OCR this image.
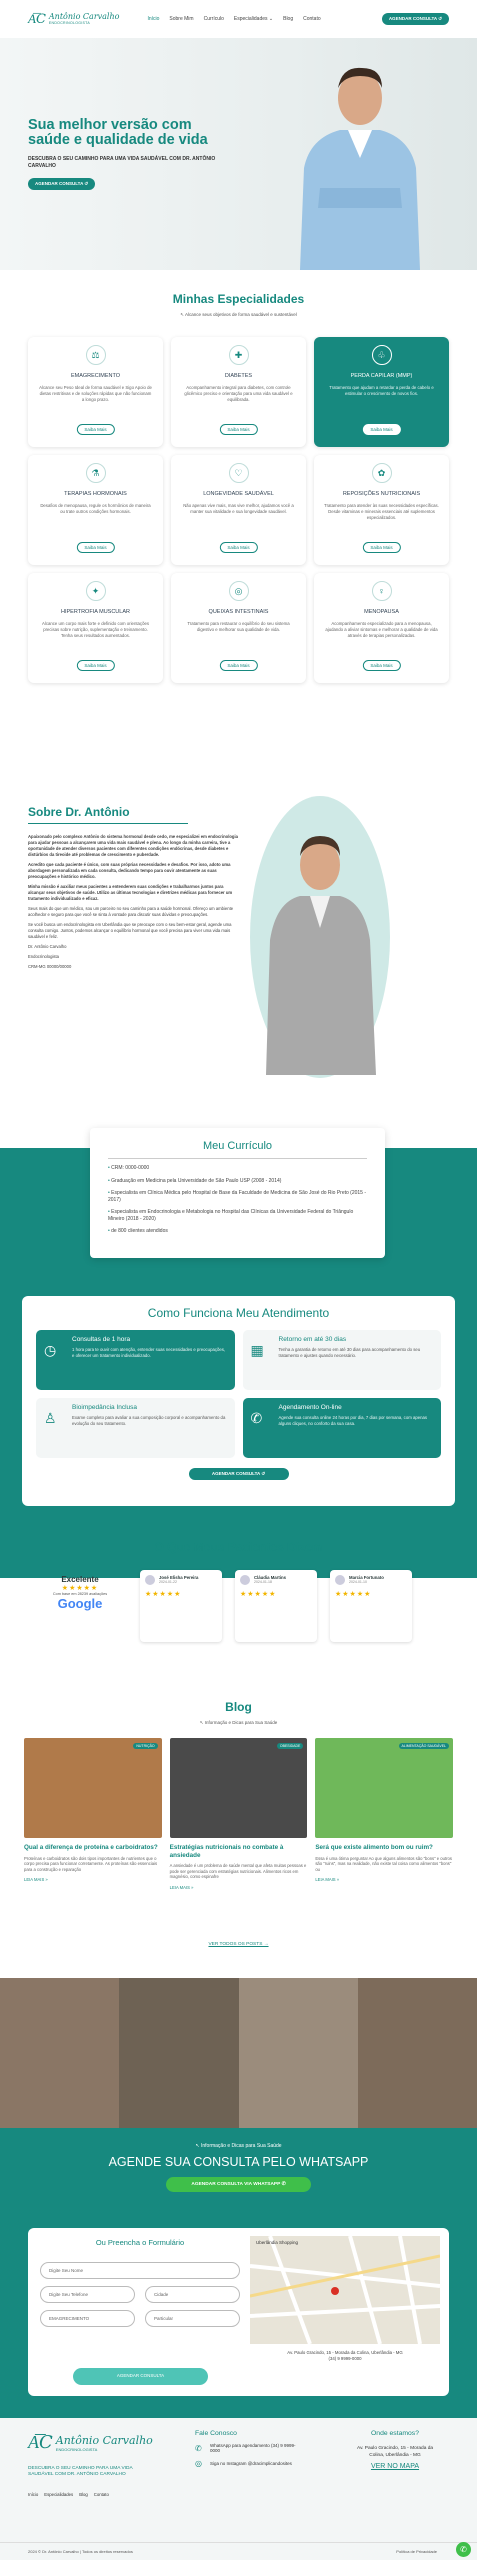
A͞C Antônio Carvalho
ENDOCRINOLOGISTA
Início Sobre Mim Currículo Especialidades ⌄ Blog Contato	AGENDAR CONSULTA ↺
Sua melhor versão com saúde e qualidade de vida
DESCUBRA O SEU CAMINHO PARA UMA VIDA SAUDÁVEL COM DR. ANTÔNIO CARVALHO
AGENDAR CONSULTA ↺
Minhas Especialidades
↖ Alcance seus objetivos de forma saudável e sustentável
⚖
EMAGRECIMENTO
Alcance seu Peso Ideal de forma saudável e Sigo Apoio de dietas restritivas e de soluções rápidas que não funcionam a longo prazo.
Saiba Mais
✚
DIABETES
Acompanhamento integral para diabetes, com controle glicêmico preciso e orientação para uma vida saudável e equilibrada.
Saiba Mais
♧
PERDA CAPILAR (MMP)
Tratamento que ajudam a retardar a perda de cabelo e estimular o crescimento de novos fios.
Saiba Mais
⚗
TERAPIAS HORMONAIS
Desafios de menopausa, regule os hormônios de maneira ou trate outros condições hormonais.
Saiba Mais
♡
LONGEVIDADE SAUDÁVEL
Não apenas vive mais, mas vive melhor, ajudamos você a manter sua vitalidade e sua longevidade saudável.
Saiba Mais
✿
REPOSIÇÕES NUTRICIONAIS
Tratamento para atender às suas necessidades específicas. Desde vitaminas e minerais essenciais até suplementos especializados.
Saiba Mais
✦
HIPERTROFIA MUSCULAR
Alcance um corpo mais forte e definido com orientações precisas sobre nutrição, suplementação e treinamento. Tenha seus resultados aumentados.
Saiba Mais
◎
QUEIXAS INTESTINAIS
Tratamento para restaurar o equilíbrio do seu sistema digestivo e melhorar sua qualidade de vida.
Saiba Mais
♀
MENOPAUSA
Acompanhamento especializado para a menopausa, ajudando a aliviar sintomas e melhorar a qualidade de vida através de terapias personalizadas.
Saiba Mais
Sobre Dr. Antônio

Apaixonado pelo complexo Antônio do sistema hormonal desde cedo, me especializei em endocrinologia para ajudar pessoas a alcançarem uma vida mais saudável e plena. Ao longo da minha carreira, tive a oportunidade de atender diversos pacientes com diferentes condições endócrinas, desde diabetes e distúrbios da tireoide até problemas de crescimento e puberdade.

Acredito que cada paciente é único, com suas próprias necessidades e desafios. Por isso, adoto uma abordagem personalizada em cada consulta, dedicando tempo para ouvir atentamente as suas preocupações e histórico médico.

Minha missão é auxiliar meus pacientes a entenderem suas condições e trabalharmos juntos para alcançar seus objetivos de saúde. Utilizo as últimas tecnologias e diretrizes médicas para fornecer um tratamento individualizado e eficaz.

Seus mais do que um médico, sou um parceiro no seu caminho para a saúde hormonal. Ofereço um ambiente acolhedor e seguro para que você se sinta à vontade para discutir suas dúvidas e preocupações.

Se você busca um endocrinologista em Uberlândia que se preocupe com o seu bem-estar geral, agende uma consulta comigo. Juntos, podemos alcançar o equilíbrio hormonal que você precisa para viver uma vida mais saudável e feliz.

Dr. Antônio Carvalho

Endocrinologista

CRM-MG 00000/00000

Meu Currículo
• CRM: 0000-0000
• Graduação em Medicina pela Universidade de São Paulo USP (2008 - 2014)
• Especialista em Clínica Médica pelo Hospital de Base da Faculdade de Medicina de São José do Rio Preto (2015 - 2017)
• Especialista em Endocrinologia e Metabologia no Hospital das Clínicas da Universidade Federal do Triângulo Mineiro (2018 - 2020)
• de 800 clientes atendidos
Como Funciona Meu Atendimento
◷
Consultas de 1 hora
1 hora para te ouvir com atenção, entender suas necessidades e preocupações, e oferecer um tratamento individualizado.	▦
Retorno em até 30 dias
Tenha a garantia de retorno em até 30 dias para acompanhamento do seu tratamento e ajustes quando necessário.
♙
Bioimpedância Inclusa
Exame completo para avaliar a sua composição corporal e acompanhamento da evolução do seu tratamento.	✆
Agendamento On-line
Agende sua consulta online 24 horas por dia, 7 dias por semana, com apenas alguns cliques, no conforto da sua casa.
AGENDAR CONSULTA ↺
O Que Meus Pacientes Dizem
Excelente
★★★★★
Com base em 28239 avaliações
Google
José Elisha Pereira
2024-01-22
★★★★★
Cláudia Martins
2024-01-18
★★★★★
Marcia Fortunato
2024-01-10
★★★★★
Blog
↖ Informação e Dicas para Sua Saúde
NUTRIÇÃO
Qual a diferença de proteína e carboidratos?
Proteínas e carboidratos são dois tipos importantes de nutrientes que o corpo precisa para funcionar corretamente. As proteínas são essenciais para a construção e reparação
LEIA MAIS »
OBESIDADE
Estratégias nutricionais no combate à ansiedade
A ansiedade é um problema de saúde mental que afeta muitas pessoas e pode ser gerenciada com estratégias nutricionais. Alimentos ricos em magnésio, como espinafre
LEIA MAIS »
ALIMENTAÇÃO SAUDÁVEL
Será que existe alimento bom ou ruim?
Essa é uma ótima pergunta! Ao que alguns alimentos são "bons" e outros são "ruins", mas na realidade, não existe tal coisa como alimentos "bons" ou
LEIA MAIS »
VER TODOS OS POSTS →
↖ Informação e Dicas para Sua Saúde
AGENDE SUA CONSULTA PELO WHATSAPP
AGENDAR CONSULTA VIA WHATSAPP ✆
Ou Preencha o Formulário
Digite Seu Nome
Digite Seu Telefone	Cidade
EMAGRECIMENTO	Particular
AGENDAR CONSULTA
Uberlândia Shopping
Av. Paulo Gracindo, 15 - Morada da Colina, Uberlândia - MG
(34) 9 9999-0000
A͞C Antônio Carvalho
ENDOCRINOLOGISTA
DESCUBRA O SEU CAMINHO PARA UMA VIDA SAUDÁVEL COM DR. ANTÔNIO CARVALHO
Início Especialidades Blog Contato
Fale Conosco
✆	WhatsApp para agendamento (34) 9 9999-0000
◎	Siga no Instagram @dracimplicandosites
Onde estamos?
Av. Paulo Gracindo, 15 - Morada da Colina, Uberlândia - MG
VER NO MAPA
2024 © Dr. Antônio Carvalho | Todos os direitos reservados	Política de Privacidade	✆
